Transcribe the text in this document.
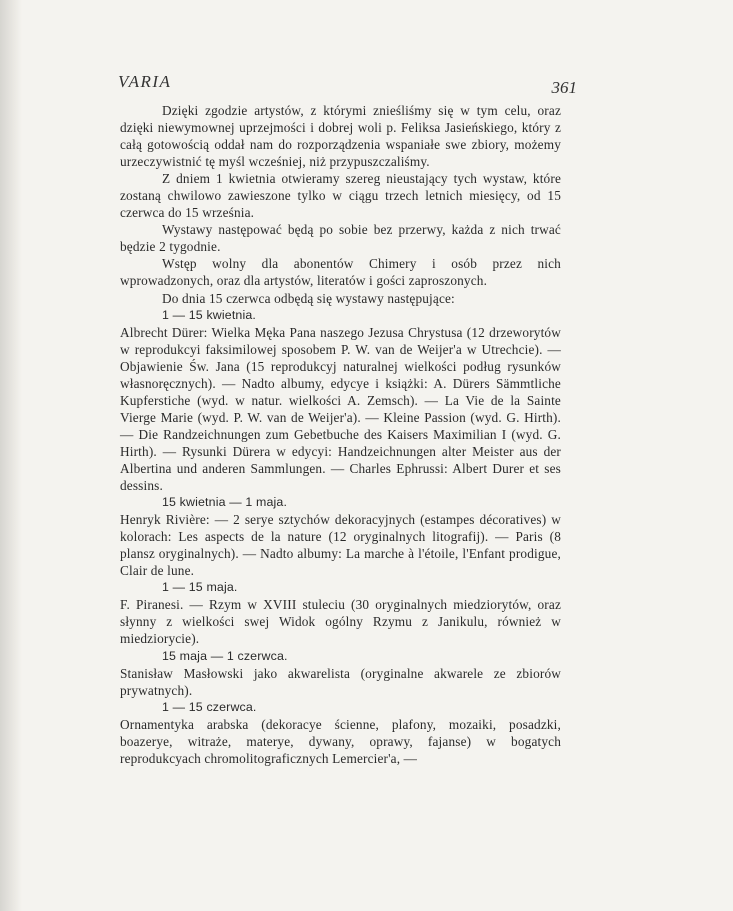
VARIA	361

Dzięki zgodzie artystów, z którymi znieśliśmy się w tym celu, oraz dzięki niewymownej uprzejmości i dobrej woli p. Feliksa Jasieńskiego, który z całą gotowością oddał nam do rozporządzenia wspaniałe swe zbiory, możemy urzeczywistnić tę myśl wcześniej, niż przypuszczaliśmy.

Z dniem 1 kwietnia otwieramy szereg nieustający tych wystaw, które zostaną chwilowo zawieszone tylko w ciągu trzech letnich miesięcy, od 15 czerwca do 15 września.

Wystawy następować będą po sobie bez przerwy, każda z nich trwać będzie 2 tygodnie.

Wstęp wolny dla abonentów Chimery i osób przez nich wprowadzonych, oraz dla artystów, literatów i gości zaproszonych.

Do dnia 15 czerwca odbędą się wystawy następujące:

1 — 15 kwietnia.

Albrecht Dürer: Wielka Męka Pana naszego Jezusa Chrystusa (12 drzeworytów w reprodukcyi faksimilowej sposobem P. W. van de Weijer'a w Utrechcie). — Objawienie Św. Jana (15 reprodukcyj naturalnej wielkości podług rysunków własnoręcznych). — Nadto albumy, edycye i książki: A. Dürers Sämmtliche Kupferstiche (wyd. w natur. wielkości A. Zemsch). — La Vie de la Sainte Vierge Marie (wyd. P. W. van de Weijer'a). — Kleine Passion (wyd. G. Hirth). — Die Randzeichnungen zum Gebetbuche des Kaisers Maximilian I (wyd. G. Hirth). — Rysunki Dürera w edycyi: Handzeichnungen alter Meister aus der Albertina und anderen Sammlungen. — Charles Ephrussi: Albert Durer et ses dessins.

15 kwietnia — 1 maja.

Henryk Rivière: — 2 serye sztychów dekoracyjnych (estampes décoratives) w kolorach: Les aspects de la nature (12 oryginalnych litografij). — Paris (8 plansz oryginalnych). — Nadto albumy: La marche à l'étoile, l'Enfant prodigue, Clair de lune.

1 — 15 maja.

F. Piranesi. — Rzym w XVIII stuleciu (30 oryginalnych miedziorytów, oraz słynny z wielkości swej Widok ogólny Rzymu z Janikulu, również w miedziorycie).

15 maja — 1 czerwca.

Stanisław Masłowski jako akwarelista (oryginalne akwarele ze zbiorów prywatnych).

1 — 15 czerwca.

Ornamentyka arabska (dekoracye ścienne, plafony, mozaiki, posadzki, boazerye, witraże, materye, dywany, oprawy, fajanse) w bogatych reprodukcyach chromolitograficznych Lemercier'a, —
